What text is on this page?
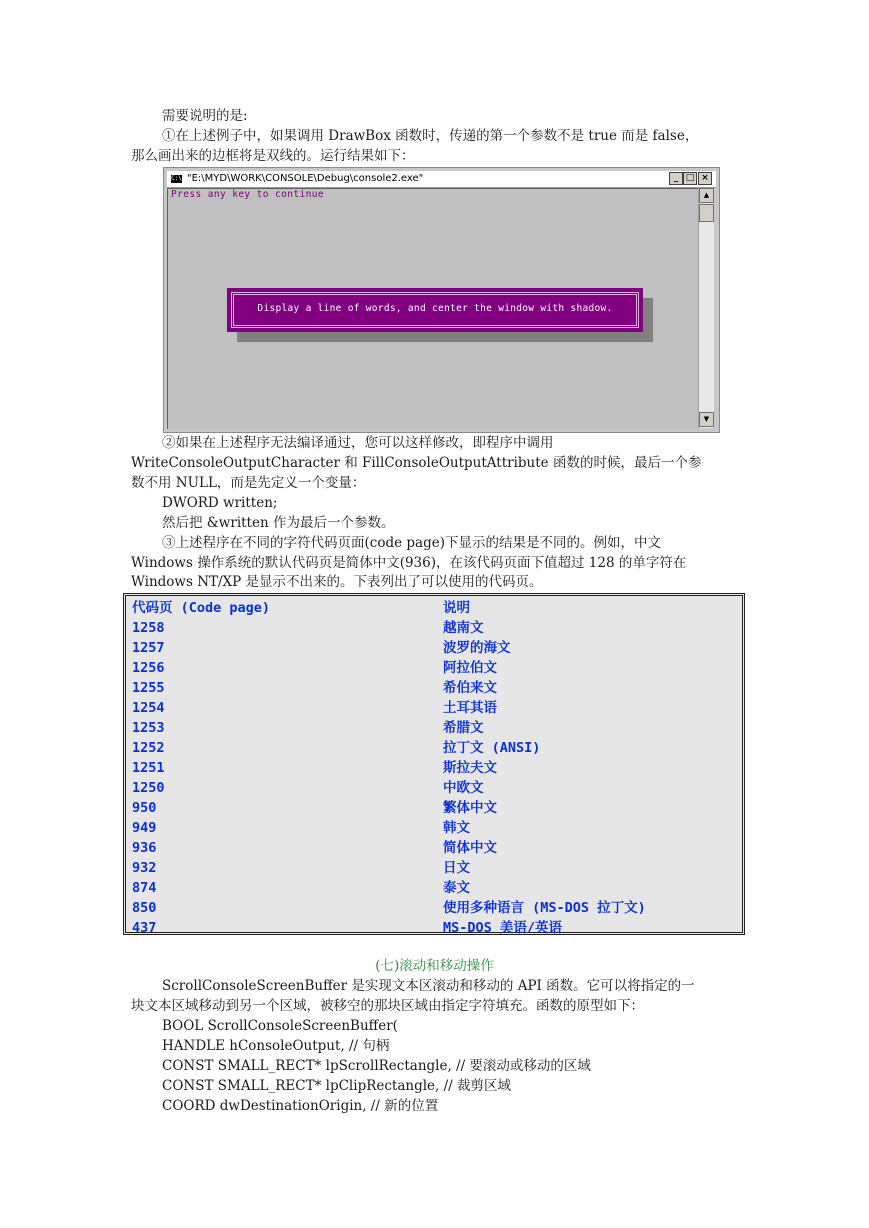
需要说明的是:
①在上述例子中，如果调用 DrawBox 函数时，传递的第一个参数不是 true 而是 false，
那么画出来的边框将是双线的。运行结果如下：
C:\ "E:\MYD\WORK\CONSOLE\Debug\console2.exe"	_ □ ×
Press any key to continue
Display a line of words, and center the window with shadow.
▲
▼
②如果在上述程序无法编译通过，您可以这样修改，即程序中调用
WriteConsoleOutputCharacter 和 FillConsoleOutputAttribute 函数的时候，最后一个参
数不用 NULL，而是先定义一个变量：
DWORD written;
然后把 &written 作为最后一个参数。
③上述程序在不同的字符代码页面(code page)下显示的结果是不同的。例如，中文
Windows 操作系统的默认代码页是简体中文(936)，在该代码页面下值超过 128 的单字符在
Windows NT/XP 是显示不出来的。下表列出了可以使用的代码页。
代码页 (Code page)	说明
1258	越南文
1257	波罗的海文
1256	阿拉伯文
1255	希伯来文
1254	土耳其语
1253	希腊文
1252	拉丁文 (ANSI)
1251	斯拉夫文
1250	中欧文
950	繁体中文
949	韩文
936	简体中文
932	日文
874	泰文
850	使用多种语言 (MS-DOS 拉丁文)
437	MS-DOS 美语/英语
(七)滚动和移动操作
ScrollConsoleScreenBuffer 是实现文本区滚动和移动的 API 函数。它可以将指定的一
块文本区域移动到另一个区域，被移空的那块区域由指定字符填充。函数的原型如下：
BOOL ScrollConsoleScreenBuffer(
HANDLE hConsoleOutput, // 句柄
CONST SMALL_RECT* lpScrollRectangle, // 要滚动或移动的区域
CONST SMALL_RECT* lpClipRectangle, // 裁剪区域
COORD dwDestinationOrigin, // 新的位置
